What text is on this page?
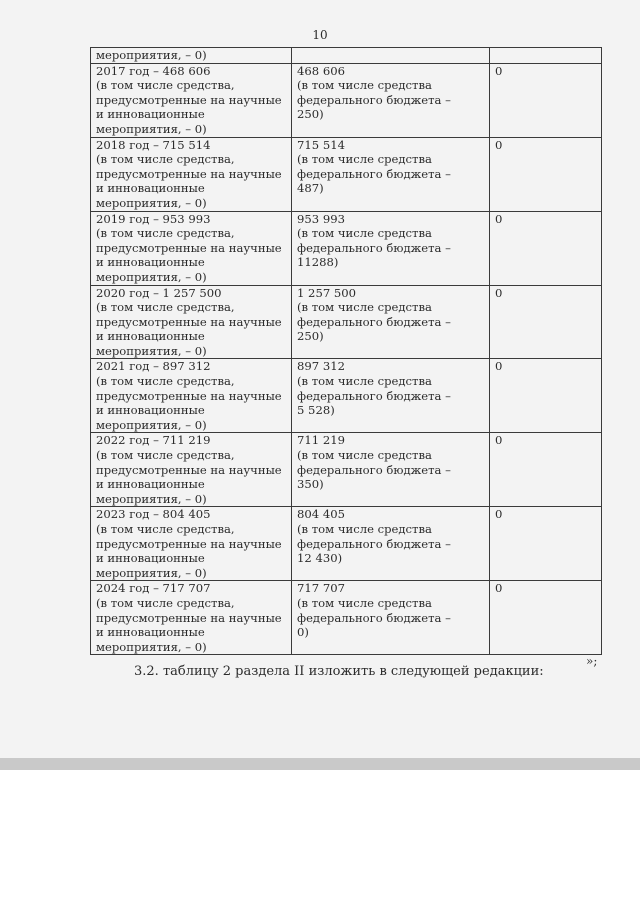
10
мероприятия, – 0)		
2017 год – 468 606
(в том числе средства,
предусмотренные на научные
и инновационные
мероприятия, – 0)	468 606
(в том числе средства
федерального бюджета –
250)	0
2018 год – 715 514
(в том числе средства,
предусмотренные на научные
и инновационные
мероприятия, – 0)	715 514
(в том числе средства
федерального бюджета –
487)	0
2019 год – 953 993
(в том числе средства,
предусмотренные на научные
и инновационные
мероприятия, – 0)	953 993
(в том числе средства
федерального бюджета –
11288)	0
2020 год – 1 257 500
(в том числе средства,
предусмотренные на научные
и инновационные
мероприятия, – 0)	1 257 500
(в том числе средства
федерального бюджета –
250)	0
2021 год – 897 312
(в том числе средства,
предусмотренные на научные
и инновационные
мероприятия, – 0)	897 312
(в том числе средства
федерального бюджета –
5 528)	0
2022 год – 711 219
(в том числе средства,
предусмотренные на научные
и инновационные
мероприятия, – 0)	711 219
(в том числе средства
федерального бюджета –
350)	0
2023 год – 804 405
(в том числе средства,
предусмотренные на научные
и инновационные
мероприятия, – 0)	804 405
(в том числе средства
федерального бюджета –
12 430)	0
2024 год – 717 707
(в том числе средства,
предусмотренные на научные
и инновационные
мероприятия, – 0)	717 707
(в том числе средства
федерального бюджета –
0)	0
»;
3.2. таблицу 2 раздела II изложить в следующей редакции:
